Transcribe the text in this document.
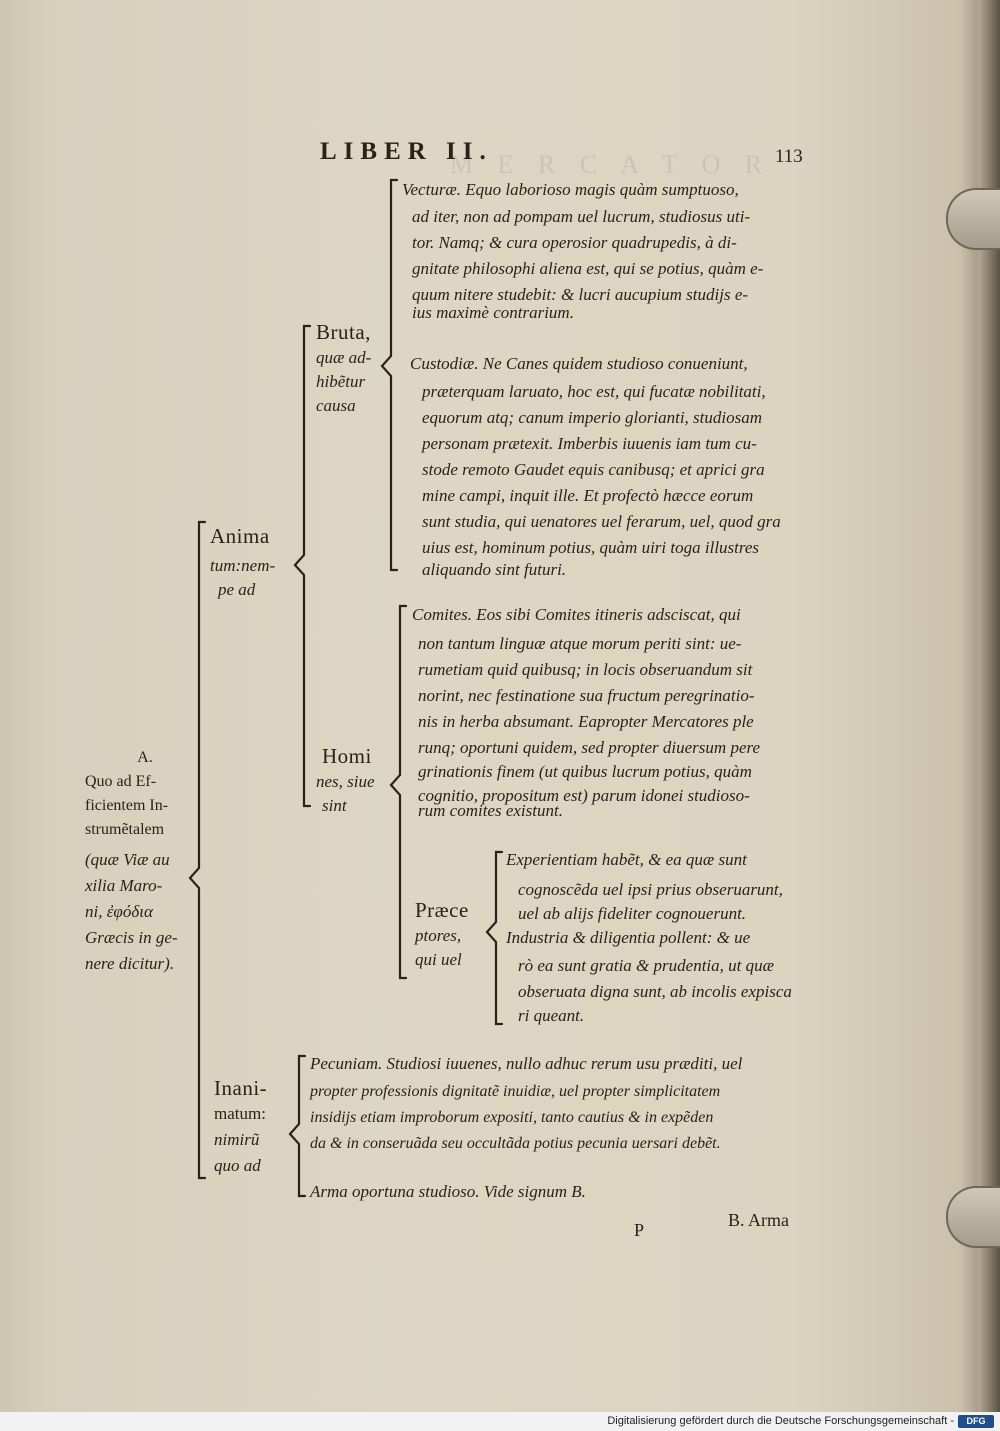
M E R C A T O R
LIBER II.	113
A.
Quo ad Ef-
ficientem In-
strumẽtalem
(quæ Viæ au
xilia Maro-
ni, ἐφόδια
Græcis in ge-
nere dicitur).
Anima
tum:nem-
pe ad
Inani-
matum:
nimirũ
quo ad
Bruta,
quæ ad-
hibẽtur
causa
Homi
nes, siue
sint
Præce
ptores,
qui uel
Vecturæ. Equo laborioso magis quàm sumptuoso,
ad iter, non ad pompam uel lucrum, studiosus uti-
tor. Namq; & cura operosior quadrupedis, à di-
gnitate philosophi aliena est, qui se potius, quàm e-
quum nitere studebit: & lucri aucupium studijs e-
ius maximè contrarium.
Custodiæ. Ne Canes quidem studioso conueniunt,
præterquam laruato, hoc est, qui fucatæ nobilitati,
equorum atq; canum imperio glorianti, studiosam
personam prætexit. Imberbis iuuenis iam tum cu-
stode remoto Gaudet equis canibusq; et aprici gra
mine campi, inquit ille. Et profectò hæcce eorum
sunt studia, qui uenatores uel ferarum, uel, quod gra
uius est, hominum potius, quàm uiri toga illustres
aliquando sint futuri.
Comites. Eos sibi Comites itineris adsciscat, qui
non tantum linguæ atque morum periti sint: ue-
rumetiam quid quibusq; in locis obseruandum sit
norint, nec festinatione sua fructum peregrinatio-
nis in herba absumant. Eapropter Mercatores ple
runq; oportuni quidem, sed propter diuersum pere
grinationis finem (ut quibus lucrum potius, quàm
cognitio, propositum est) parum idonei studioso-
rum comites existunt.
Experientiam habẽt, & ea quæ sunt
cognoscẽda uel ipsi prius obseruarunt,
uel ab alijs fideliter cognouerunt.
Industria & diligentia pollent: & ue
rò ea sunt gratia & prudentia, ut quæ
obseruata digna sunt, ab incolis expisca
ri queant.
Pecuniam. Studiosi iuuenes, nullo adhuc rerum usu præditi, uel
propter professionis dignitatẽ inuidiæ, uel propter simplicitatem
insidijs etiam improborum expositi, tanto cautius & in expẽden
da & in conseruãda seu occultãda potius pecunia uersari debẽt.
Arma oportuna studioso. Vide signum B.
P	B. Arma
Digitalisierung gefördert durch die Deutsche Forschungsgemeinschaft -	DFG
